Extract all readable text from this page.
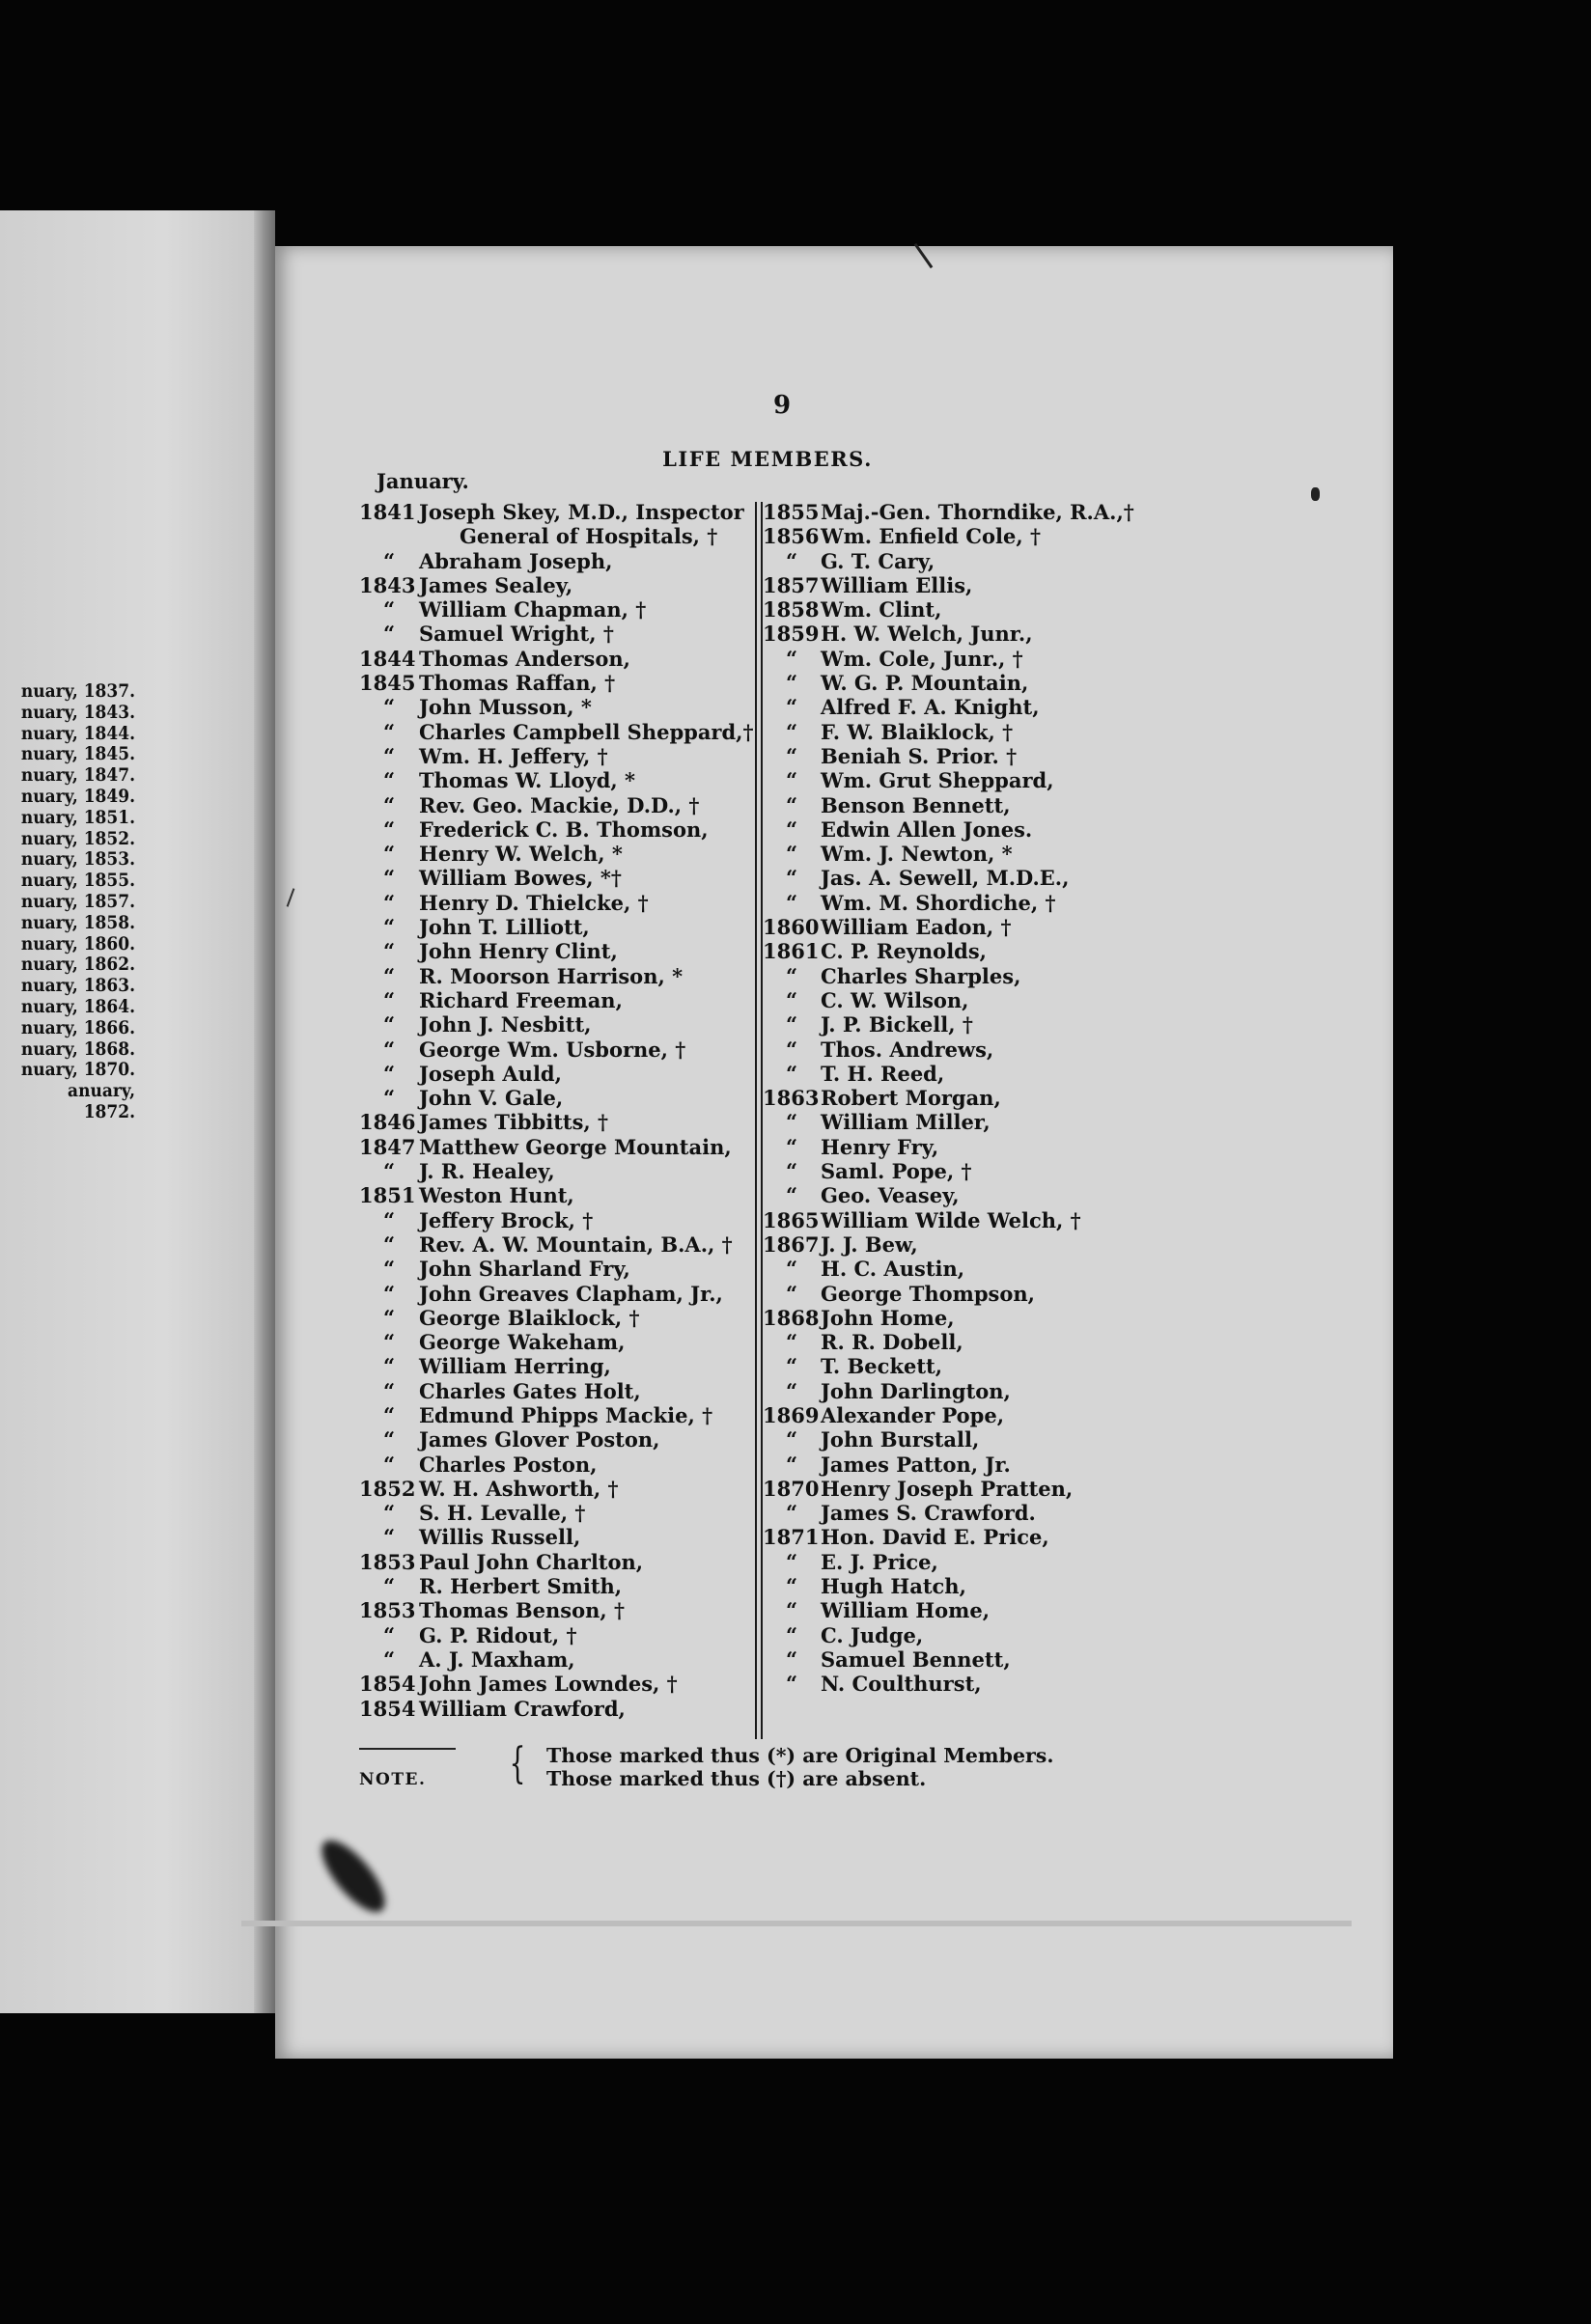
nuary, 1837.
nuary, 1843.
nuary, 1844.
nuary, 1845.
nuary, 1847.
nuary, 1849.
nuary, 1851.
nuary, 1852.
nuary, 1853.
nuary, 1855.
nuary, 1857.
nuary, 1858.
nuary, 1860.
nuary, 1862.
nuary, 1863.
nuary, 1864.
nuary, 1866.
nuary, 1868.
nuary, 1870.
anuary, 1872.
9
LIFE MEMBERS.
January.
1841 Joseph Skey, M.D., Inspector
General of Hospitals, †
“ Abraham Joseph,
1843 James Sealey,
“ William Chapman, †
“ Samuel Wright, †
1844 Thomas Anderson,
1845 Thomas Raffan, †
“ John Musson, *
“ Charles Campbell Sheppard,†
“ Wm. H. Jeffery, †
“ Thomas W. Lloyd, *
“ Rev. Geo. Mackie, D.D., †
“ Frederick C. B. Thomson,
“ Henry W. Welch, *
“ William Bowes, *†
“ Henry D. Thielcke, †
“ John T. Lilliott,
“ John Henry Clint,
“ R. Moorson Harrison, *
“ Richard Freeman,
“ John J. Nesbitt,
“ George Wm. Usborne, †
“ Joseph Auld,
“ John V. Gale,
1846 James Tibbitts, †
1847 Matthew George Mountain,
“ J. R. Healey,
1851 Weston Hunt,
“ Jeffery Brock, †
“ Rev. A. W. Mountain, B.A., †
“ John Sharland Fry,
“ John Greaves Clapham, Jr.,
“ George Blaiklock, †
“ George Wakeham,
“ William Herring,
“ Charles Gates Holt,
“ Edmund Phipps Mackie, †
“ James Glover Poston,
“ Charles Poston,
1852 W. H. Ashworth, †
“ S. H. Levalle, †
“ Willis Russell,
1853 Paul John Charlton,
“ R. Herbert Smith,
1853 Thomas Benson, †
“ G. P. Ridout, †
“ A. J. Maxham,
1854 John James Lowndes, †
1854 William Crawford,
1855Maj.-Gen. Thorndike, R.A.,†
1856Wm. Enfield Cole, †
“ G. T. Cary,
1857William Ellis,
1858Wm. Clint,
1859H. W. Welch, Junr.,
“ Wm. Cole, Junr., †
“ W. G. P. Mountain,
“ Alfred F. A. Knight,
“ F. W. Blaiklock, †
“ Beniah S. Prior. †
“ Wm. Grut Sheppard,
“ Benson Bennett,
“ Edwin Allen Jones.
“ Wm. J. Newton, *
“ Jas. A. Sewell, M.D.E.,
“ Wm. M. Shordiche, †
1860William Eadon, †
1861C. P. Reynolds,
“ Charles Sharples,
“ C. W. Wilson,
“ J. P. Bickell, †
“ Thos. Andrews,
“ T. H. Reed,
1863Robert Morgan,
“ William Miller,
“ Henry Fry,
“ Saml. Pope, †
“ Geo. Veasey,
1865William Wilde Welch, †
1867J. J. Bew,
“ H. C. Austin,
“ George Thompson,
1868John Home,
“ R. R. Dobell,
“ T. Beckett,
“ John Darlington,
1869Alexander Pope,
“ John Burstall,
“ James Patton, Jr.
1870Henry Joseph Pratten,
“ James S. Crawford.
1871Hon. David E. Price,
“ E. J. Price,
“ Hugh Hatch,
“ William Home,
“ C. Judge,
“ Samuel Bennett,
“ N. Coulthurst,
NOTE. { Those marked thus (*) are Original Members.
Those marked thus (†) are absent.
